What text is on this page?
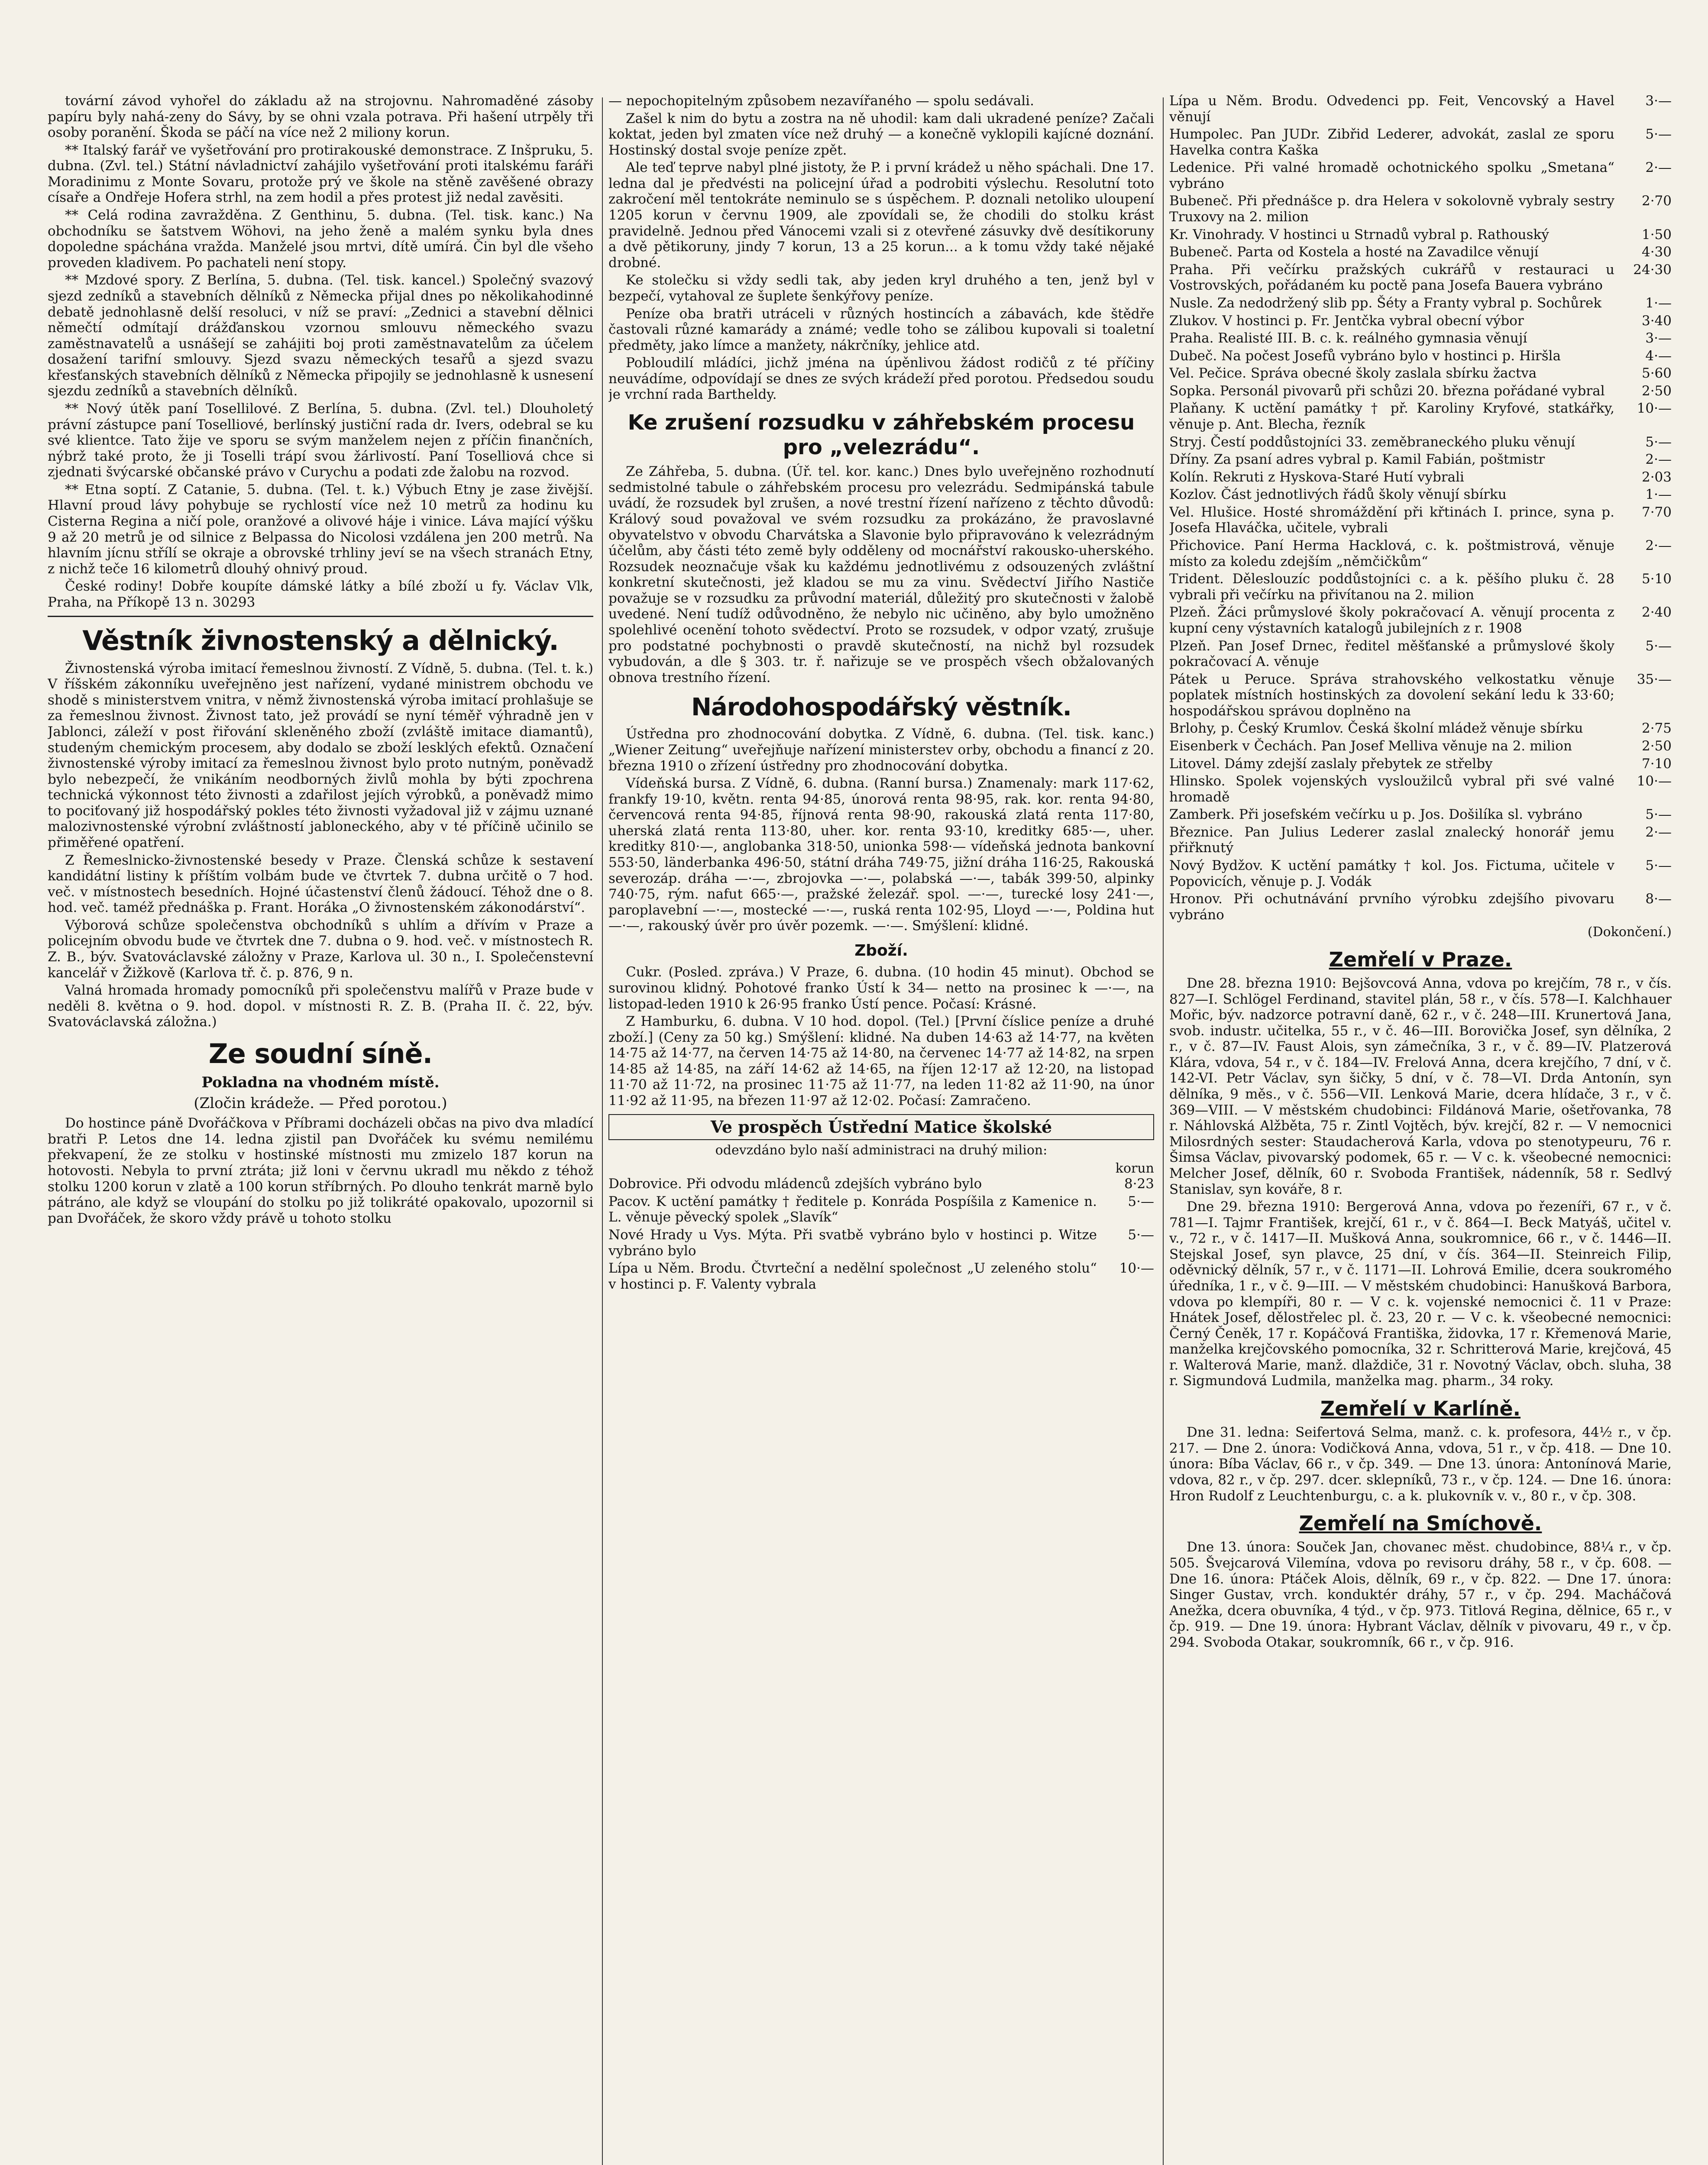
tovární závod vyhořel do základu až na strojovnu. Nahromaděné zásoby papíru byly nahá-zeny do Sávy, by se ohni vzala potrava. Při hašení utrpěly tři osoby poranění. Škoda se páčí na více než 2 miliony korun.

** Italský farář ve vyšetřování pro protirakouské demonstrace. Z Inšpruku, 5. dubna. (Zvl. tel.) Státní návladnictví zahájilo vyšetřování proti italskému faráři Moradinimu z Monte Sovaru, protože prý ve škole na stěně zavěšené obrazy císaře a Ondřeje Hofera strhl, na zem hodil a přes protest již nedal zavěsiti.

** Celá rodina zavražděna. Z Genthinu, 5. dubna. (Tel. tisk. kanc.) Na obchodníku se šatstvem Wöhovi, na jeho ženě a malém synku byla dnes dopoledne spáchána vražda. Manželé jsou mrtvi, dítě umírá. Čin byl dle všeho proveden kladivem. Po pachateli není stopy.

** Mzdové spory. Z Berlína, 5. dubna. (Tel. tisk. kancel.) Společný svazový sjezd zedníků a stavebních dělníků z Německa přijal dnes po několikahodinné debatě jednohlasně delší resoluci, v níž se praví: „Zednici a stavební dělnici němečtí odmítají drážďanskou vzornou smlouvu německého svazu zaměstnavatelů a usnášejí se zahájiti boj proti zaměstnavatelům za účelem dosažení tarifní smlouvy. Sjezd svazu německých tesařů a sjezd svazu křesťanských stavebních dělníků z Německa připojily se jednohlasně k usnesení sjezdu zedníků a stavebních dělníků.

** Nový útěk paní Tosellilové. Z Berlína, 5. dubna. (Zvl. tel.) Dlouholetý právní zástupce paní Toselliové, berlínský justiční rada dr. Ivers, odebral se ku své klientce. Tato žije ve sporu se svým manželem nejen z příčin finančních, nýbrž také proto, že ji Toselli trápí svou žárlivostí. Paní Toselliová chce si zjednati švýcarské občanské právo v Curychu a podati zde žalobu na rozvod.

** Etna soptí. Z Catanie, 5. dubna. (Tel. t. k.) Výbuch Etny je zase živější. Hlavní proud lávy pohybuje se rychlostí více než 10 metrů za hodinu ku Cisterna Regina a ničí pole, oranžové a olivové háje i vinice. Láva mající výšku 9 až 20 metrů je od silnice z Belpassa do Nicolosi vzdálena jen 200 metrů. Na hlavním jícnu střílí se okraje a obrovské trhliny jeví se na všech stranách Etny, z nichž teče 16 kilometrů dlouhý ohnivý proud.

České rodiny! Dobře koupíte dámské látky a bílé zboží u fy. Václav Vlk, Praha, na Příkopě 13 n. 30293

Věstník živnostenský a dělnický.

Živnostenská výroba imitací řemeslnou živností. Z Vídně, 5. dubna. (Tel. t. k.) V říšském zákonníku uveřejněno jest nařízení, vydané ministrem obchodu ve shodě s ministerstvem vnitra, v němž živnostenská výroba imitací prohlašuje se za řemeslnou živnost. Živnost tato, jež provádí se nyní téměř výhradně jen v Jablonci, záleží v post řiřování skleněného zboží (zvláště imitace diamantů), studeným chemickým procesem, aby dodalo se zboží lesklých efektů. Označení živnostenské výroby imitací za řemeslnou živnost bylo proto nutným, poněvadž bylo nebezpečí, že vnikáním neodborných živlů mohla by býti zpochrena technická výkonnost této živnosti a zdařilost jejích výrobků, a poněvadž mimo to pociťovaný již hospodářský pokles této živnosti vyžadoval již v zájmu uznané malozivnostenské výrobní zvláštností jabloneckého, aby v té příčině učinilo se přiměřené opatření.

Z Řemeslnicko-živnostenské besedy v Praze. Členská schůze k sestavení kandidátní listiny k příštím volbám bude ve čtvrtek 7. dubna určitě o 7 hod. več. v místnostech besedních. Hojné účastenství členů žádoucí. Téhož dne o 8. hod. več. taméž přednáška p. Frant. Horáka „O živnostenském zákonodárství“.

Výborová schůze společenstva obchodníků s uhlím a dřívím v Praze a policejním obvodu bude ve čtvrtek dne 7. dubna o 9. hod. več. v místnostech R. Z. B., býv. Svatováclavské záložny v Praze, Karlova ul. 30 n., I. Společenstevní kancelář v Žižkově (Karlova tř. č. p. 876, 9 n.

Valná hromada hromady pomocníků při společenstvu malířů v Praze bude v neděli 8. května o 9. hod. dopol. v místnosti R. Z. B. (Praha II. č. 22, býv. Svatováclavská záložna.)

Ze soudní síně.
Pokladna na vhodném místě.
(Zločin krádeže. — Před porotou.)

Do hostince páně Dvořáčkova v Příbrami docházeli občas na pivo dva mladící bratři P. Letos dne 14. ledna zjistil pan Dvořáček ku svému nemilému překvapení, že ze stolku v hostinské místnosti mu zmizelo 187 korun na hotovosti. Nebyla to první ztráta; již loni v červnu ukradl mu někdo z téhož stolku 1200 korun v zlatě a 100 korun stříbrných. Po dlouho tenkrát marně bylo pátráno, ale když se vloupání do stolku po již tolikráté opakovalo, upozornil si pan Dvořáček, že skoro vždy právě u tohoto stolku

— nepochopitelným způsobem nezavířaného — spolu sedávali.

Zašel k nim do bytu a zostra na ně uhodil: kam dali ukradené peníze? Začali koktat, jeden byl zmaten více než druhý — a konečně vyklopili kajícné doznání. Hostinský dostal svoje peníze zpět.

Ale teď teprve nabyl plné jistoty, že P. i první krádež u něho spáchali. Dne 17. ledna dal je předvésti na policejní úřad a podrobiti výslechu. Resolutní toto zakročení měl tentokráte neminulo se s úspěchem. P. doznali netoliko uloupení 1205 korun v červnu 1909, ale zpovídali se, že chodili do stolku krást pravidelně. Jednou před Vánocemi vzali si z otevřené zásuvky dvě desítikoruny a dvě pětikoruny, jindy 7 korun, 13 a 25 korun... a k tomu vždy také nějaké drobné.

Ke stolečku si vždy sedli tak, aby jeden kryl druhého a ten, jenž byl v bezpečí, vytahoval ze šuplete šenkýřovy peníze.

Peníze oba bratři utráceli v různých hostincích a zábavách, kde štědře častovali různé kamarády a známé; vedle toho se zálibou kupovali si toaletní předměty, jako límce a manžety, nákrčníky, jehlice atd.

Pobloudilí mládíci, jichž jména na úpěnlivou žádost rodičů z té příčiny neuvádíme, odpovídají se dnes ze svých krádeží před porotou. Předsedou soudu je vrchní rada Bartheldy.

Ke zrušení rozsudku v záhřebském procesu pro „velezrádu“.

Ze Záhřeba, 5. dubna. (Úř. tel. kor. kanc.) Dnes bylo uveřejněno rozhodnutí sedmistolné tabule o záhřebském procesu pro velezrádu. Sedmipánská tabule uvádí, že rozsudek byl zrušen, a nové trestní řízení nařízeno z těchto důvodů: Králový soud považoval ve svém rozsudku za prokázáno, že pravoslavné obyvatelstvo v obvodu Charvátska a Slavonie bylo připravováno k velezrádným účelům, aby části této země byly odděleny od mocnářství rakousko-uherského. Rozsudek neoznačuje však ku každému jednotlivému z odsouzených zvláštní konkretní skutečnosti, jež kladou se mu za vinu. Svědectví Jiřího Nastiče považuje se v rozsudku za průvodní materiál, důležitý pro skutečnosti v žalobě uvedené. Není tudíž odůvodněno, že nebylo nic učiněno, aby bylo umožněno spolehlivé ocenění tohoto svědectví. Proto se rozsudek, v odpor vzatý, zrušuje pro podstatné pochybnosti o pravdě skutečností, na nichž byl rozsudek vybudován, a dle § 303. tr. ř. nařizuje se ve prospěch všech obžalovaných obnova trestního řízení.

Národohospodářský věstník.

Ústředna pro zhodnocování dobytka. Z Vídně, 6. dubna. (Tel. tisk. kanc.) „Wiener Zeitung“ uveřejňuje nařízení ministerstev orby, obchodu a financí z 20. března 1910 o zřízení ústředny pro zhodnocování dobytka.

Vídeňská bursa. Z Vídně, 6. dubna. (Ranní bursa.) Znamenaly: mark 117·62, frankfy 19·10, květn. renta 94·85, únorová renta 98·95, rak. kor. renta 94·80, červencová renta 94·85, říjnová renta 98·90, rakouská zlatá renta 117·80, uherská zlatá renta 113·80, uher. kor. renta 93·10, kreditky 685·—, uher. kreditky 810·—, anglobanka 318·50, unionka 598·— vídeňská jednota bankovní 553·50, länderbanka 496·50, státní dráha 749·75, jižní dráha 116·25, Rakouská severozáp. dráha —·—, zbrojovka —·—, polabská —·—, tabák 399·50, alpinky 740·75, rým. nafut 665·—, pražské železář. spol. —·—, turecké losy 241·—, paroplavební —·—, mostecké —·—, ruská renta 102·95, Lloyd —·—, Poldina hut —·—, rakouský úvěr pro úvěr pozemk. —·—. Smýšlení: klidné.

Zboží.

Cukr. (Posled. zpráva.) V Praze, 6. dubna. (10 hodin 45 minut). Obchod se surovinou klidný. Pohotové franko Ústí k 34— netto na prosinec k —·—, na listopad-leden 1910 k 26·95 franko Ústí pence. Počasí: Krásné.

Z Hamburku, 6. dubna. V 10 hod. dopol. (Tel.) [První číslice peníze a druhé zboží.] (Ceny za 50 kg.) Smýšlení: klidné. Na duben 14·63 až 14·77, na květen 14·75 až 14·77, na červen 14·75 až 14·80, na červenec 14·77 až 14·82, na srpen 14·85 až 14·85, na září 14·62 až 14·65, na říjen 12·17 až 12·20, na listopad 11·70 až 11·72, na prosinec 11·75 až 11·77, na leden 11·82 až 11·90, na únor 11·92 až 11·95, na březen 11·97 až 12·02. Počasí: Zamračeno.

Ve prospěch Ústřední Matice školské
odevzdáno bylo naší administraci na druhý milion:
korun
Dobrovice. Při odvodu mládenců zdejších vybráno bylo	8·23
Pacov. K uctění památky † ředitele p. Konráda Pospíšila z Kamenice n. L. věnuje pěvecký spolek „Slavík“
5·—
Nové Hrady u Vys. Mýta. Při svatbě vybráno bylo v hostinci p. Witze vybráno bylo
5·—
Lípa u Něm. Brodu. Čtvrteční a nedělní společnost „U zeleného stolu“ v hostinci p. F. Valenty vybrala
10·—
Lípa u Něm. Brodu. Odvedenci pp. Feit, Vencovský a Havel věnují
3·—
Humpolec. Pan JUDr. Zibřid Lederer, advokát, zaslal ze sporu Havelka contra Kaška
5·—
Ledenice. Při valné hromadě ochotnického spolku „Smetana“ vybráno
2·—
Bubeneč. Při přednášce p. dra Helera v sokolovně vybraly sestry Truxovy na 2. milion
2·70
Kr. Vinohrady. V hostinci u Strnadů vybral p. Rathouský	1·50
Bubeneč. Parta od Kostela a hosté na Zavadilce věnují	4·30
Praha. Při večírku pražských cukrářů v restauraci u Vostrovských, pořádaném ku poctě pana Josefa Bauera vybráno
24·30
Nusle. Za nedodržený slib pp. Šéty a Franty vybral p. Sochůrek	1·—
Zlukov. V hostinci p. Fr. Jentčka vybral obecní výbor	3·40
Praha. Realisté III. B. c. k. reálného gymnasia věnují	3·—
Dubeč. Na počest Josefů vybráno bylo v hostinci p. Hiršla	4·—
Vel. Pečice. Správa obecné školy zaslala sbírku žactva	5·60
Sopka. Personál pivovarů při schůzi 20. března pořádané vybral	2·50
Plaňany. K uctění památky † př. Karoliny Kryfové, statkářky, věnuje p. Ant. Blecha, řezník
10·—
Stryj. Čestí poddůstojníci 33. zeměbraneckého pluku věnují	5·—
Dříny. Za psaní adres vybral p. Kamil Fabián, poštmistr	2·—
Kolín. Rekruti z Hyskova-Staré Hutí vybrali	2·03
Kozlov. Část jednotlivých řádů školy věnují sbírku	1·—
Vel. Hlušice. Hosté shromáždění při křtinách I. prince, syna p. Josefa Hlaváčka, učitele, vybrali
7·70
Přichovice. Paní Herma Hacklová, c. k. poštmistrová, věnuje místo za koledu zdejším „němčičkům“
2·—
Trident. Děleslouzíc poddůstojníci c. a k. pěšího pluku č. 28 vybrali při večírku na přivítanou na 2. milion
5·10
Plzeň. Žáci průmyslové školy pokračovací A. věnují procenta z kupní ceny výstavních katalogů jubilejních z r. 1908
2·40
Plzeň. Pan Josef Drnec, ředitel měšťanské a průmyslové školy pokračovací A. věnuje
5·—
Pátek u Peruce. Správa strahovského velkostatku věnuje poplatek místních hostinských za dovolení sekání ledu k 33·60; hospodářskou správou doplněno na
35·—
Brlohy, p. Český Krumlov. Česká školní mládež věnuje sbírku	2·75
Eisenberk v Čechách. Pan Josef Melliva věnuje na 2. milion	2·50
Litovel. Dámy zdejší zaslaly přebytek ze střelby	7·10
Hlinsko. Spolek vojenských vysloužilců vybral při své valné hromadě
10·—
Zamberk. Při josefském večírku u p. Jos. Došilíka sl. vybráno	5·—
Březnice. Pan Julius Lederer zaslal znalecký honorář jemu přiřknutý
2·—
Nový Bydžov. K uctění památky † kol. Jos. Fictuma, učitele v Popovicích, věnuje p. J. Vodák
5·—
Hronov. Při ochutnávání prvního výrobku zdejšího pivovaru vybráno
8·—
(Dokončení.)
Zemřelí v Praze.

Dne 28. března 1910: Bejšovcová Anna, vdova po krejčím, 78 r., v čís. 827—I. Schlögel Ferdinand, stavitel plán, 58 r., v čís. 578—I. Kalchhauer Mořic, býv. nadzorce potravní daně, 62 r., v č. 248—III. Krunertová Jana, svob. industr. učitelka, 55 r., v č. 46—III. Borovička Josef, syn dělníka, 2 r., v č. 87—IV. Faust Alois, syn zámečníka, 3 r., v č. 89—IV. Platzerová Klára, vdova, 54 r., v č. 184—IV. Frelová Anna, dcera krejčího, 7 dní, v č. 142-VI. Petr Václav, syn šičky, 5 dní, v č. 78—VI. Drda Antonín, syn dělníka, 9 měs., v č. 556—VII. Lenková Marie, dcera hlídače, 3 r., v č. 369—VIII. — V městském chudobinci: Fildánová Marie, ošetřovanka, 78 r. Náhlovská Alžběta, 75 r. Zintl Vojtěch, býv. krejčí, 82 r. — V nemocnici Milosrdných sester: Staudacherová Karla, vdova po stenotypeuru, 76 r. Šimsa Václav, pivovarský podomek, 65 r. — V c. k. všeobecné nemocnici: Melcher Josef, dělník, 60 r. Svoboda František, nádenník, 58 r. Sedlvý Stanislav, syn kováře, 8 r.

Dne 29. března 1910: Bergerová Anna, vdova po řezeníři, 67 r., v č. 781—I. Tajmr František, krejčí, 61 r., v č. 864—I. Beck Matyáš, učitel v. v., 72 r., v č. 1417—II. Mušková Anna, soukromnice, 66 r., v č. 1446—II. Stejskal Josef, syn plavce, 25 dní, v čís. 364—II. Steinreich Filip, oděvnický dělník, 57 r., v č. 1171—II. Lohrová Emilie, dcera soukromého úředníka, 1 r., v č. 9—III. — V městském chudobinci: Hanušková Barbora, vdova po klempíři, 80 r. — V c. k. vojenské nemocnici č. 11 v Praze: Hnátek Josef, dělostřelec pl. č. 23, 20 r. — V c. k. všeobecné nemocnici: Černý Čeněk, 17 r. Kopáčová Františka, židovka, 17 r. Křemenová Marie, manželka krejčovského pomocníka, 32 r. Schritterová Marie, krejčová, 45 r. Walterová Marie, manž. dlaždiče, 31 r. Novotný Václav, obch. sluha, 38 r. Sigmundová Ludmila, manželka mag. pharm., 34 roky.

Zemřelí v Karlíně.

Dne 31. ledna: Seifertová Selma, manž. c. k. profesora, 44½ r., v čp. 217. — Dne 2. února: Vodičková Anna, vdova, 51 r., v čp. 418. — Dne 10. února: Bíba Václav, 66 r., v čp. 349. — Dne 13. února: Antonínová Marie, vdova, 82 r., v čp. 297. dcer. sklepníků, 73 r., v čp. 124. — Dne 16. února: Hron Rudolf z Leuchtenburgu, c. a k. plukovník v. v., 80 r., v čp. 308.

Zemřelí na Smíchově.

Dne 13. února: Souček Jan, chovanec měst. chudobince, 88¼ r., v čp. 505. Švejcarová Vilemína, vdova po revisoru dráhy, 58 r., v čp. 608. — Dne 16. února: Ptáček Alois, dělník, 69 r., v čp. 822. — Dne 17. února: Singer Gustav, vrch. konduktér dráhy, 57 r., v čp. 294. Macháčová Anežka, dcera obuvníka, 4 týd., v čp. 973. Titlová Regina, dělnice, 65 r., v čp. 919. — Dne 19. února: Hybrant Václav, dělník v pivovaru, 49 r., v čp. 294. Svoboda Otakar, soukromník, 66 r., v čp. 916.
